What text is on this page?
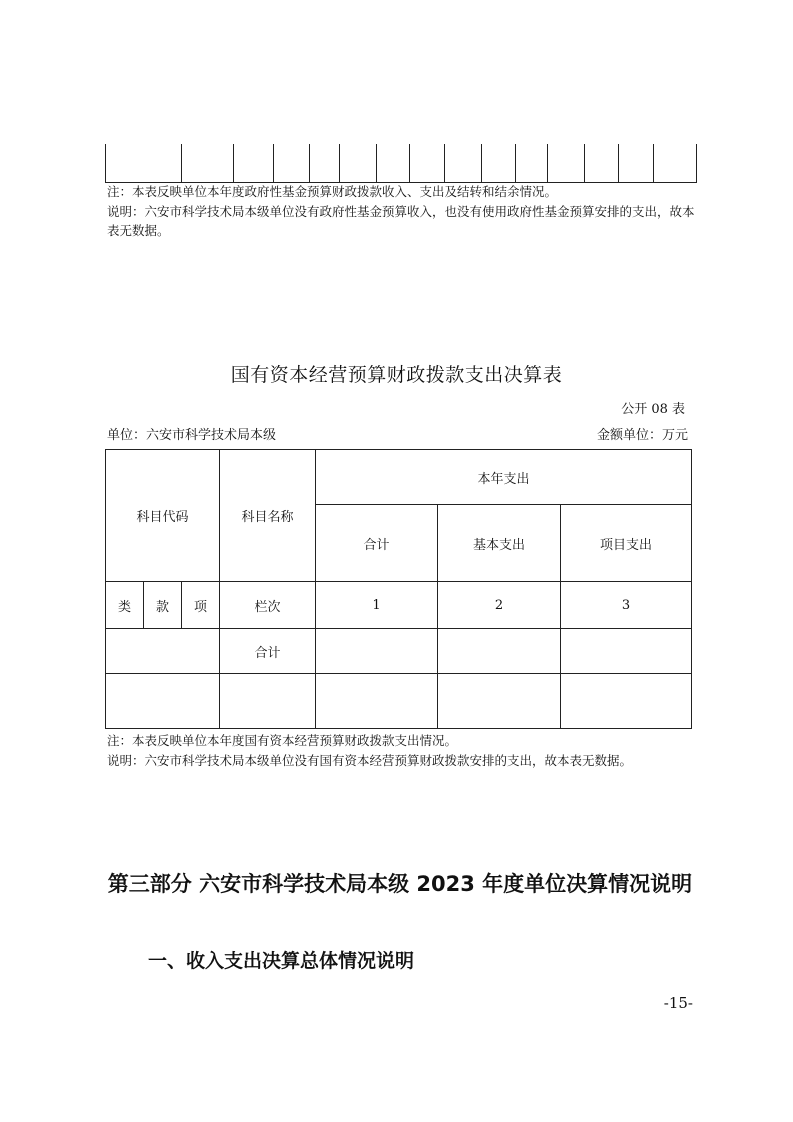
注：本表反映单位本年度政府性基金预算财政拨款收入、支出及结转和结余情况。
说明：六安市科学技术局本级单位没有政府性基金预算收入，也没有使用政府性基金预算安排的支出，故本表无数据。
国有资本经营预算财政拨款支出决算表
公开 08 表
单位：六安市科学技术局本级	金额单位：万元
科目代码			科目名称	本年支出		
				合计	基本支出	项目支出
类	款	项	栏次	1	2	3
			合计			

注：本表反映单位本年度国有资本经营预算财政拨款支出情况。
说明：六安市科学技术局本级单位没有国有资本经营预算财政拨款安排的支出，故本表无数据。
第三部分 六安市科学技术局本级 2023 年度单位决算情况说明
一、收入支出决算总体情况说明
-15-
